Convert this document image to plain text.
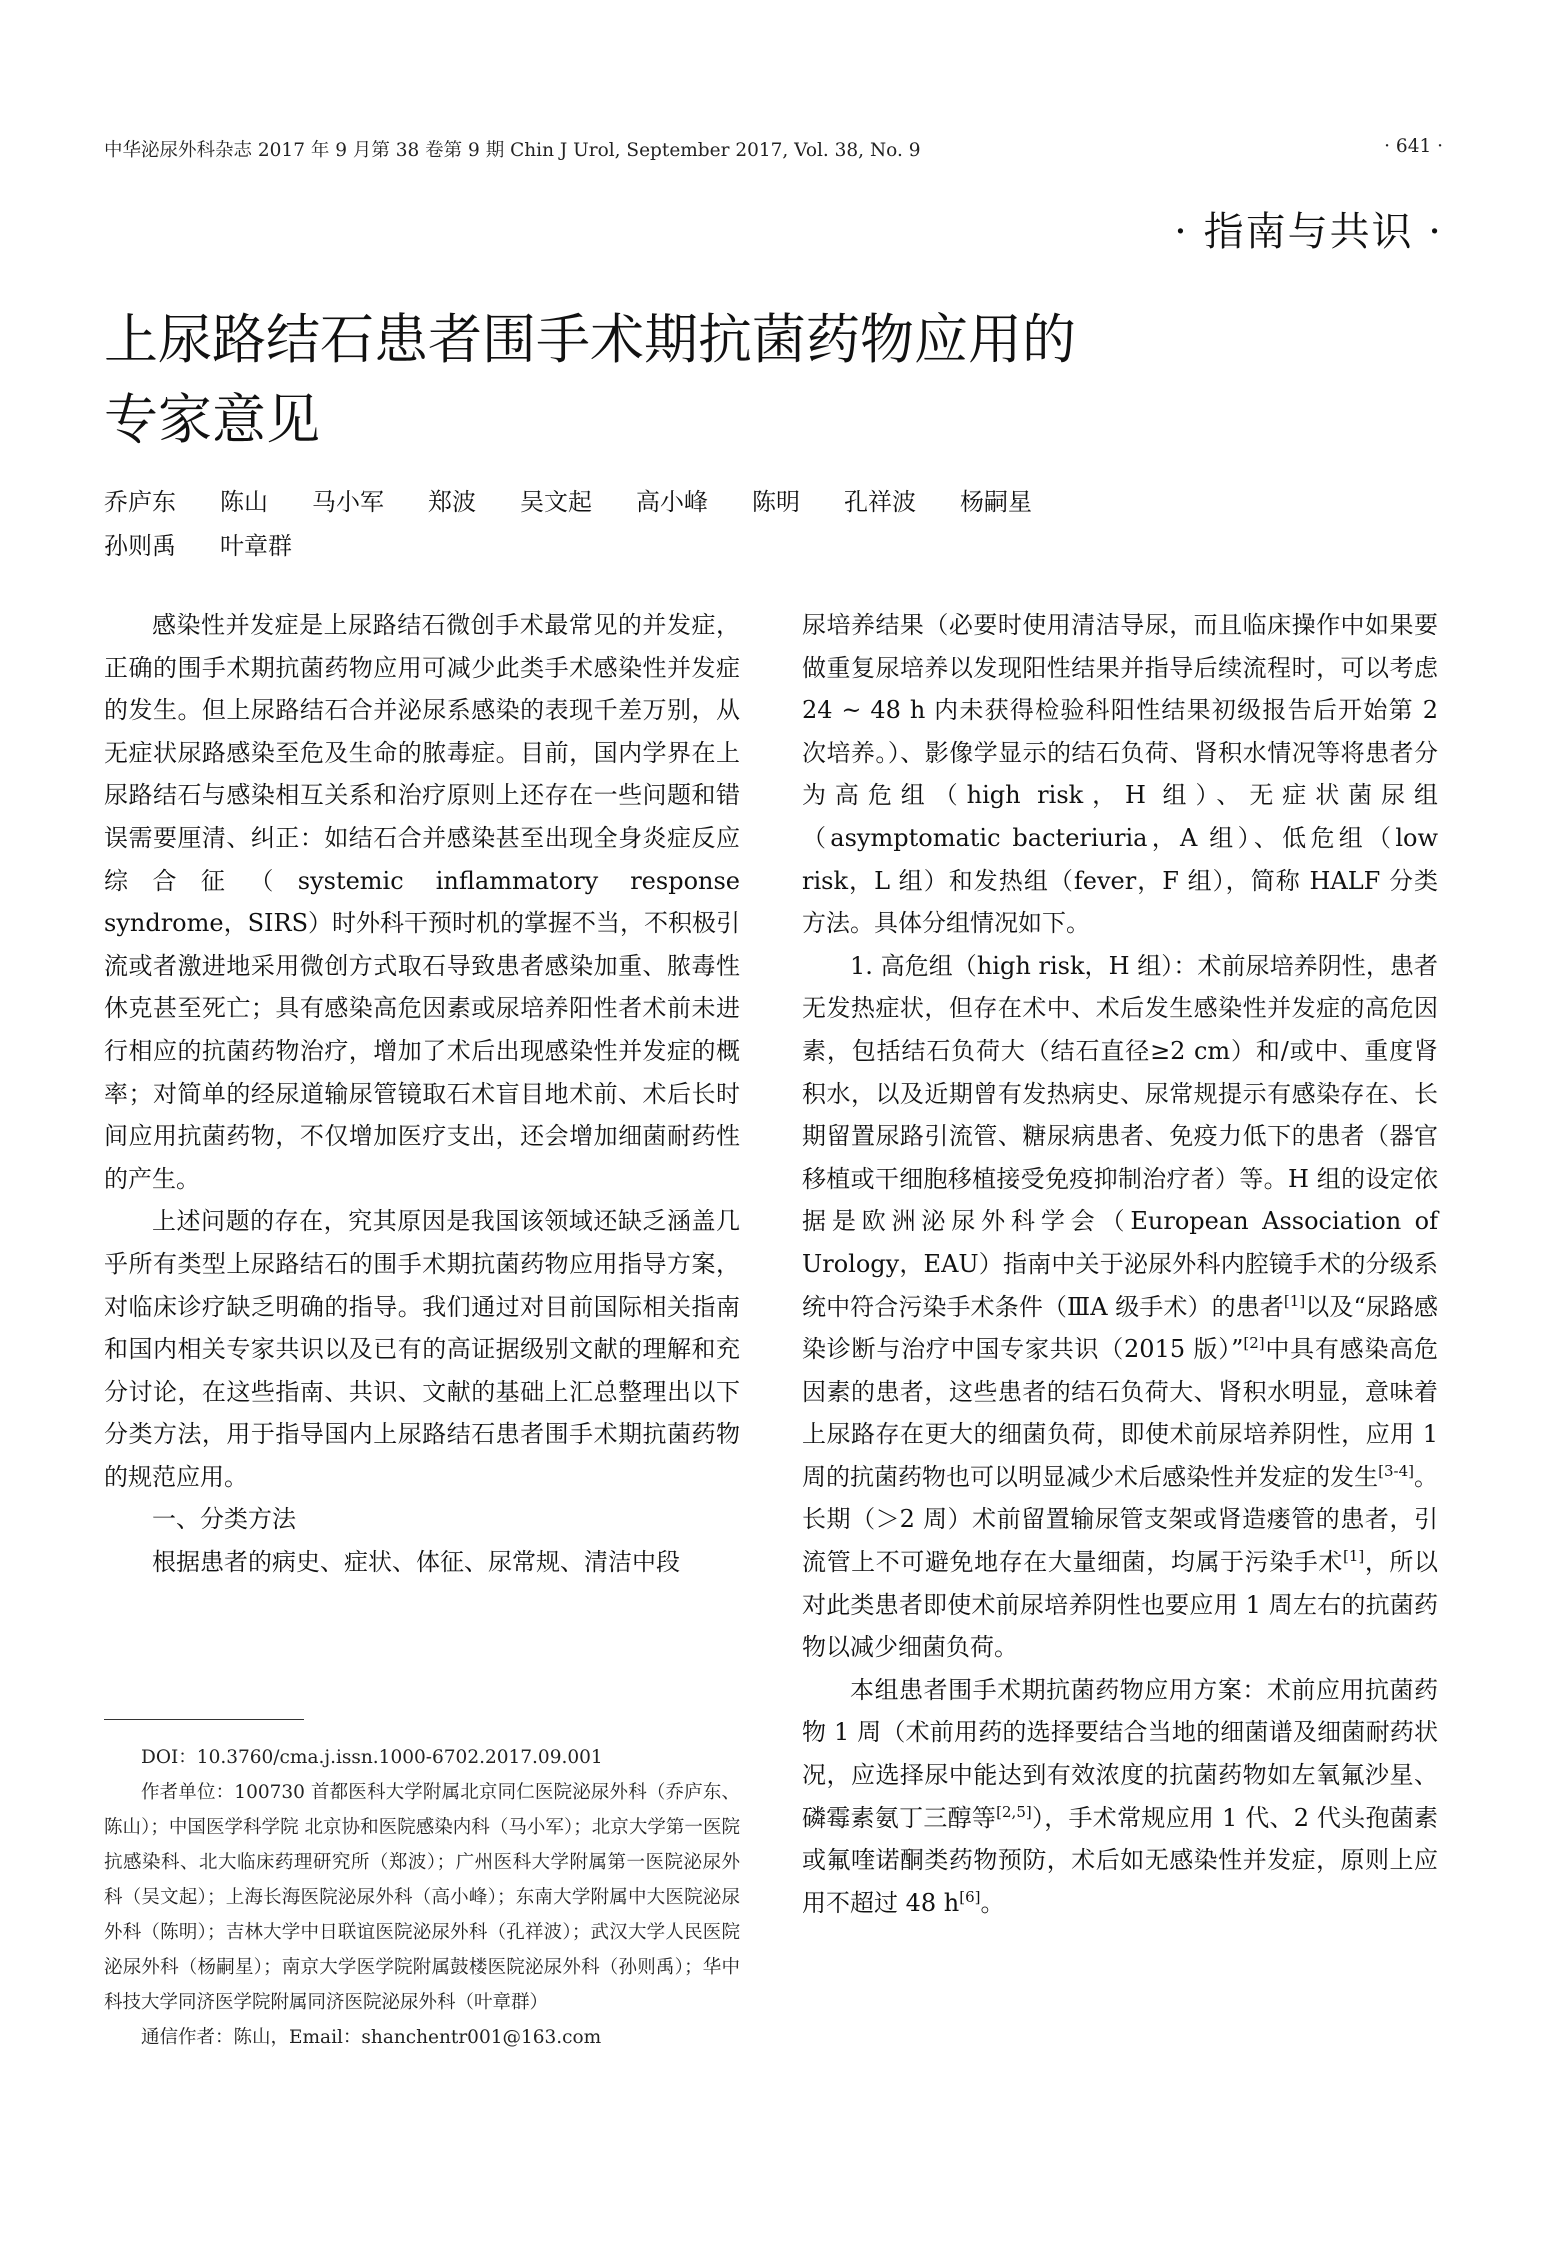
中华泌尿外科杂志 2017 年 9 月第 38 卷第 9 期 Chin J Urol, September 2017, Vol. 38, No. 9	· 641 ·
· 指南与共识 ·
上尿路结石患者围手术期抗菌药物应用的
专家意见
乔庐东 陈山 马小军 郑波 吴文起 高小峰 陈明 孔祥波 杨嗣星
孙则禹 叶章群

感染性并发症是上尿路结石微创手术最常见的并发症，正确的围手术期抗菌药物应用可减少此类手术感染性并发症的发生。但上尿路结石合并泌尿系感染的表现千差万别，从无症状尿路感染至危及生命的脓毒症。目前，国内学界在上尿路结石与感染相互关系和治疗原则上还存在一些问题和错误需要厘清、纠正：如结石合并感染甚至出现全身炎症反应综合征（systemic inflammatory response syndrome，SIRS）时外科干预时机的掌握不当，不积极引流或者激进地采用微创方式取石导致患者感染加重、脓毒性休克甚至死亡；具有感染高危因素或尿培养阳性者术前未进行相应的抗菌药物治疗，增加了术后出现感染性并发症的概率；对简单的经尿道输尿管镜取石术盲目地术前、术后长时间应用抗菌药物，不仅增加医疗支出，还会增加细菌耐药性的产生。

上述问题的存在，究其原因是我国该领域还缺乏涵盖几乎所有类型上尿路结石的围手术期抗菌药物应用指导方案，对临床诊疗缺乏明确的指导。我们通过对目前国际相关指南和国内相关专家共识以及已有的高证据级别文献的理解和充分讨论，在这些指南、共识、文献的基础上汇总整理出以下分类方法，用于指导国内上尿路结石患者围手术期抗菌药物的规范应用。

一、分类方法

根据患者的病史、症状、体征、尿常规、清洁中段

尿培养结果（必要时使用清洁导尿，而且临床操作中如果要做重复尿培养以发现阳性结果并指导后续流程时，可以考虑 24 ~ 48 h 内未获得检验科阳性结果初级报告后开始第 2 次培养。）、影像学显示的结石负荷、肾积水情况等将患者分为高危组（high risk，H 组）、无症状菌尿组（asymptomatic bacteriuria，A 组）、低危组（low risk，L 组）和发热组（fever，F 组），简称 HALF 分类方法。具体分组情况如下。

1. 高危组（high risk，H 组）：术前尿培养阴性，患者无发热症状，但存在术中、术后发生感染性并发症的高危因素，包括结石负荷大（结石直径≥2 cm）和/或中、重度肾积水，以及近期曾有发热病史、尿常规提示有感染存在、长期留置尿路引流管、糖尿病患者、免疫力低下的患者（器官移植或干细胞移植接受免疫抑制治疗者）等。H 组的设定依据是欧洲泌尿外科学会（European Association of Urology，EAU）指南中关于泌尿外科内腔镜手术的分级系统中符合污染手术条件（ⅢA 级手术）的患者[1]以及“尿路感染诊断与治疗中国专家共识（2015 版）”[2]中具有感染高危因素的患者，这些患者的结石负荷大、肾积水明显，意味着上尿路存在更大的细菌负荷，即使术前尿培养阴性，应用 1 周的抗菌药物也可以明显减少术后感染性并发症的发生[3-4]。长期（＞2 周）术前留置输尿管支架或肾造瘘管的患者，引流管上不可避免地存在大量细菌，均属于污染手术[1]，所以对此类患者即使术前尿培养阴性也要应用 1 周左右的抗菌药物以减少细菌负荷。

本组患者围手术期抗菌药物应用方案：术前应用抗菌药物 1 周（术前用药的选择要结合当地的细菌谱及细菌耐药状况，应选择尿中能达到有效浓度的抗菌药物如左氧氟沙星、磷霉素氨丁三醇等[2,5]），手术常规应用 1 代、2 代头孢菌素或氟喹诺酮类药物预防，术后如无感染性并发症，原则上应用不超过 48 h[6]。

DOI：10.3760/cma.j.issn.1000-6702.2017.09.001

作者单位：100730 首都医科大学附属北京同仁医院泌尿外科（乔庐东、陈山）；中国医学科学院 北京协和医院感染内科（马小军）；北京大学第一医院抗感染科、北大临床药理研究所（郑波）；广州医科大学附属第一医院泌尿外科（吴文起）；上海长海医院泌尿外科（高小峰）；东南大学附属中大医院泌尿外科（陈明）；吉林大学中日联谊医院泌尿外科（孔祥波）；武汉大学人民医院泌尿外科（杨嗣星）；南京大学医学院附属鼓楼医院泌尿外科（孙则禹）；华中科技大学同济医学院附属同济医院泌尿外科（叶章群）

通信作者：陈山，Email：shanchentr001@163.com
